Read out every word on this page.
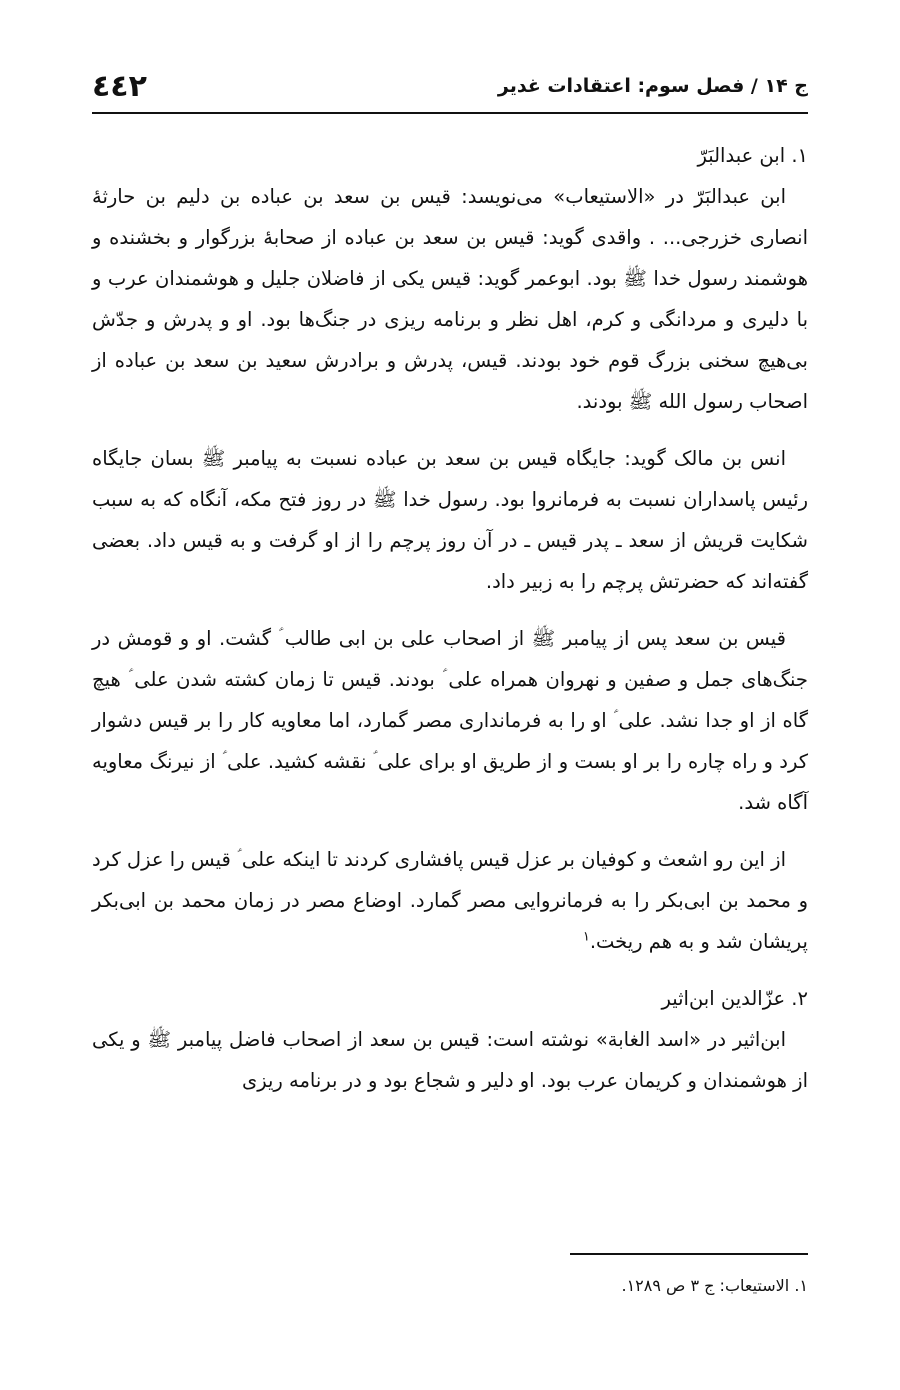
ج ۱۴ / فصل سوم: اعتقادات غدیر
٤٤٢
۱. ابن عبدالبَرّ

ابن عبدالبَرّ در «الاستیعاب» می‌نویسد: قیس بن سعد بن عباده بن دلیم بن حارثهٔ انصاری خزرجی... . واقدی گوید: قیس بن سعد بن عباده از صحابهٔ بزرگوار و بخشنده و هوشمند رسول خدا ﷺ بود. ابوعمر گوید: قیس یکی از فاضلان جلیل و هوشمندان عرب و با دلیری و مردانگی و کرم، اهل نظر و برنامه ریزی در جنگ‌ها بود. او و پدرش و جدّش بی‌هیچ سخنی بزرگ قوم خود بودند. قیس، پدرش و برادرش سعید بن سعد بن عباده از اصحاب رسول الله ﷺ بودند.

انس بن مالک گوید: جایگاه قیس بن سعد بن عباده نسبت به پیامبر ﷺ بسان جایگاه رئیس پاسداران نسبت به فرمانروا بود. رسول خدا ﷺ در روز فتح مکه، آنگاه که به سبب شکایت قریش از سعد ـ پدر قیس ـ در آن روز پرچم را از او گرفت و به قیس داد. بعضی گفته‌اند که حضرتش پرچم را به زبیر داد.

قیس بن سعد پس از پیامبر ﷺ از اصحاب علی بن ابی طالب ؑ گشت. او و قومش در جنگ‌های جمل و صفین و نهروان همراه علی ؑ بودند. قیس تا زمان کشته شدن علی ؑ هیچ گاه از او جدا نشد. علی ؑ او را به فرمانداری مصر گمارد، اما معاویه کار را بر قیس دشوار کرد و راه چاره را بر او بست و از طریق او برای علی ؑ نقشه کشید. علی ؑ از نیرنگ معاویه آگاه شد.

از این رو اشعث و کوفیان بر عزل قیس پافشاری کردند تا اینکه علی ؑ قیس را عزل کرد و محمد بن ابی‌بکر را به فرمانروایی مصر گمارد. اوضاع مصر در زمان محمد بن ابی‌بکر پریشان شد و به هم ریخت.$^۱$

۲. عزّالدین ابن‌اثیر

ابن‌اثیر در «اسد الغابة» نوشته است: قیس بن سعد از اصحاب فاضل پیامبر ﷺ و یکی از هوشمندان و کریمان عرب بود. او دلیر و شجاع بود و در برنامه ریزی

۱. الاستیعاب: ج ۳ ص ۱۲۸۹.
